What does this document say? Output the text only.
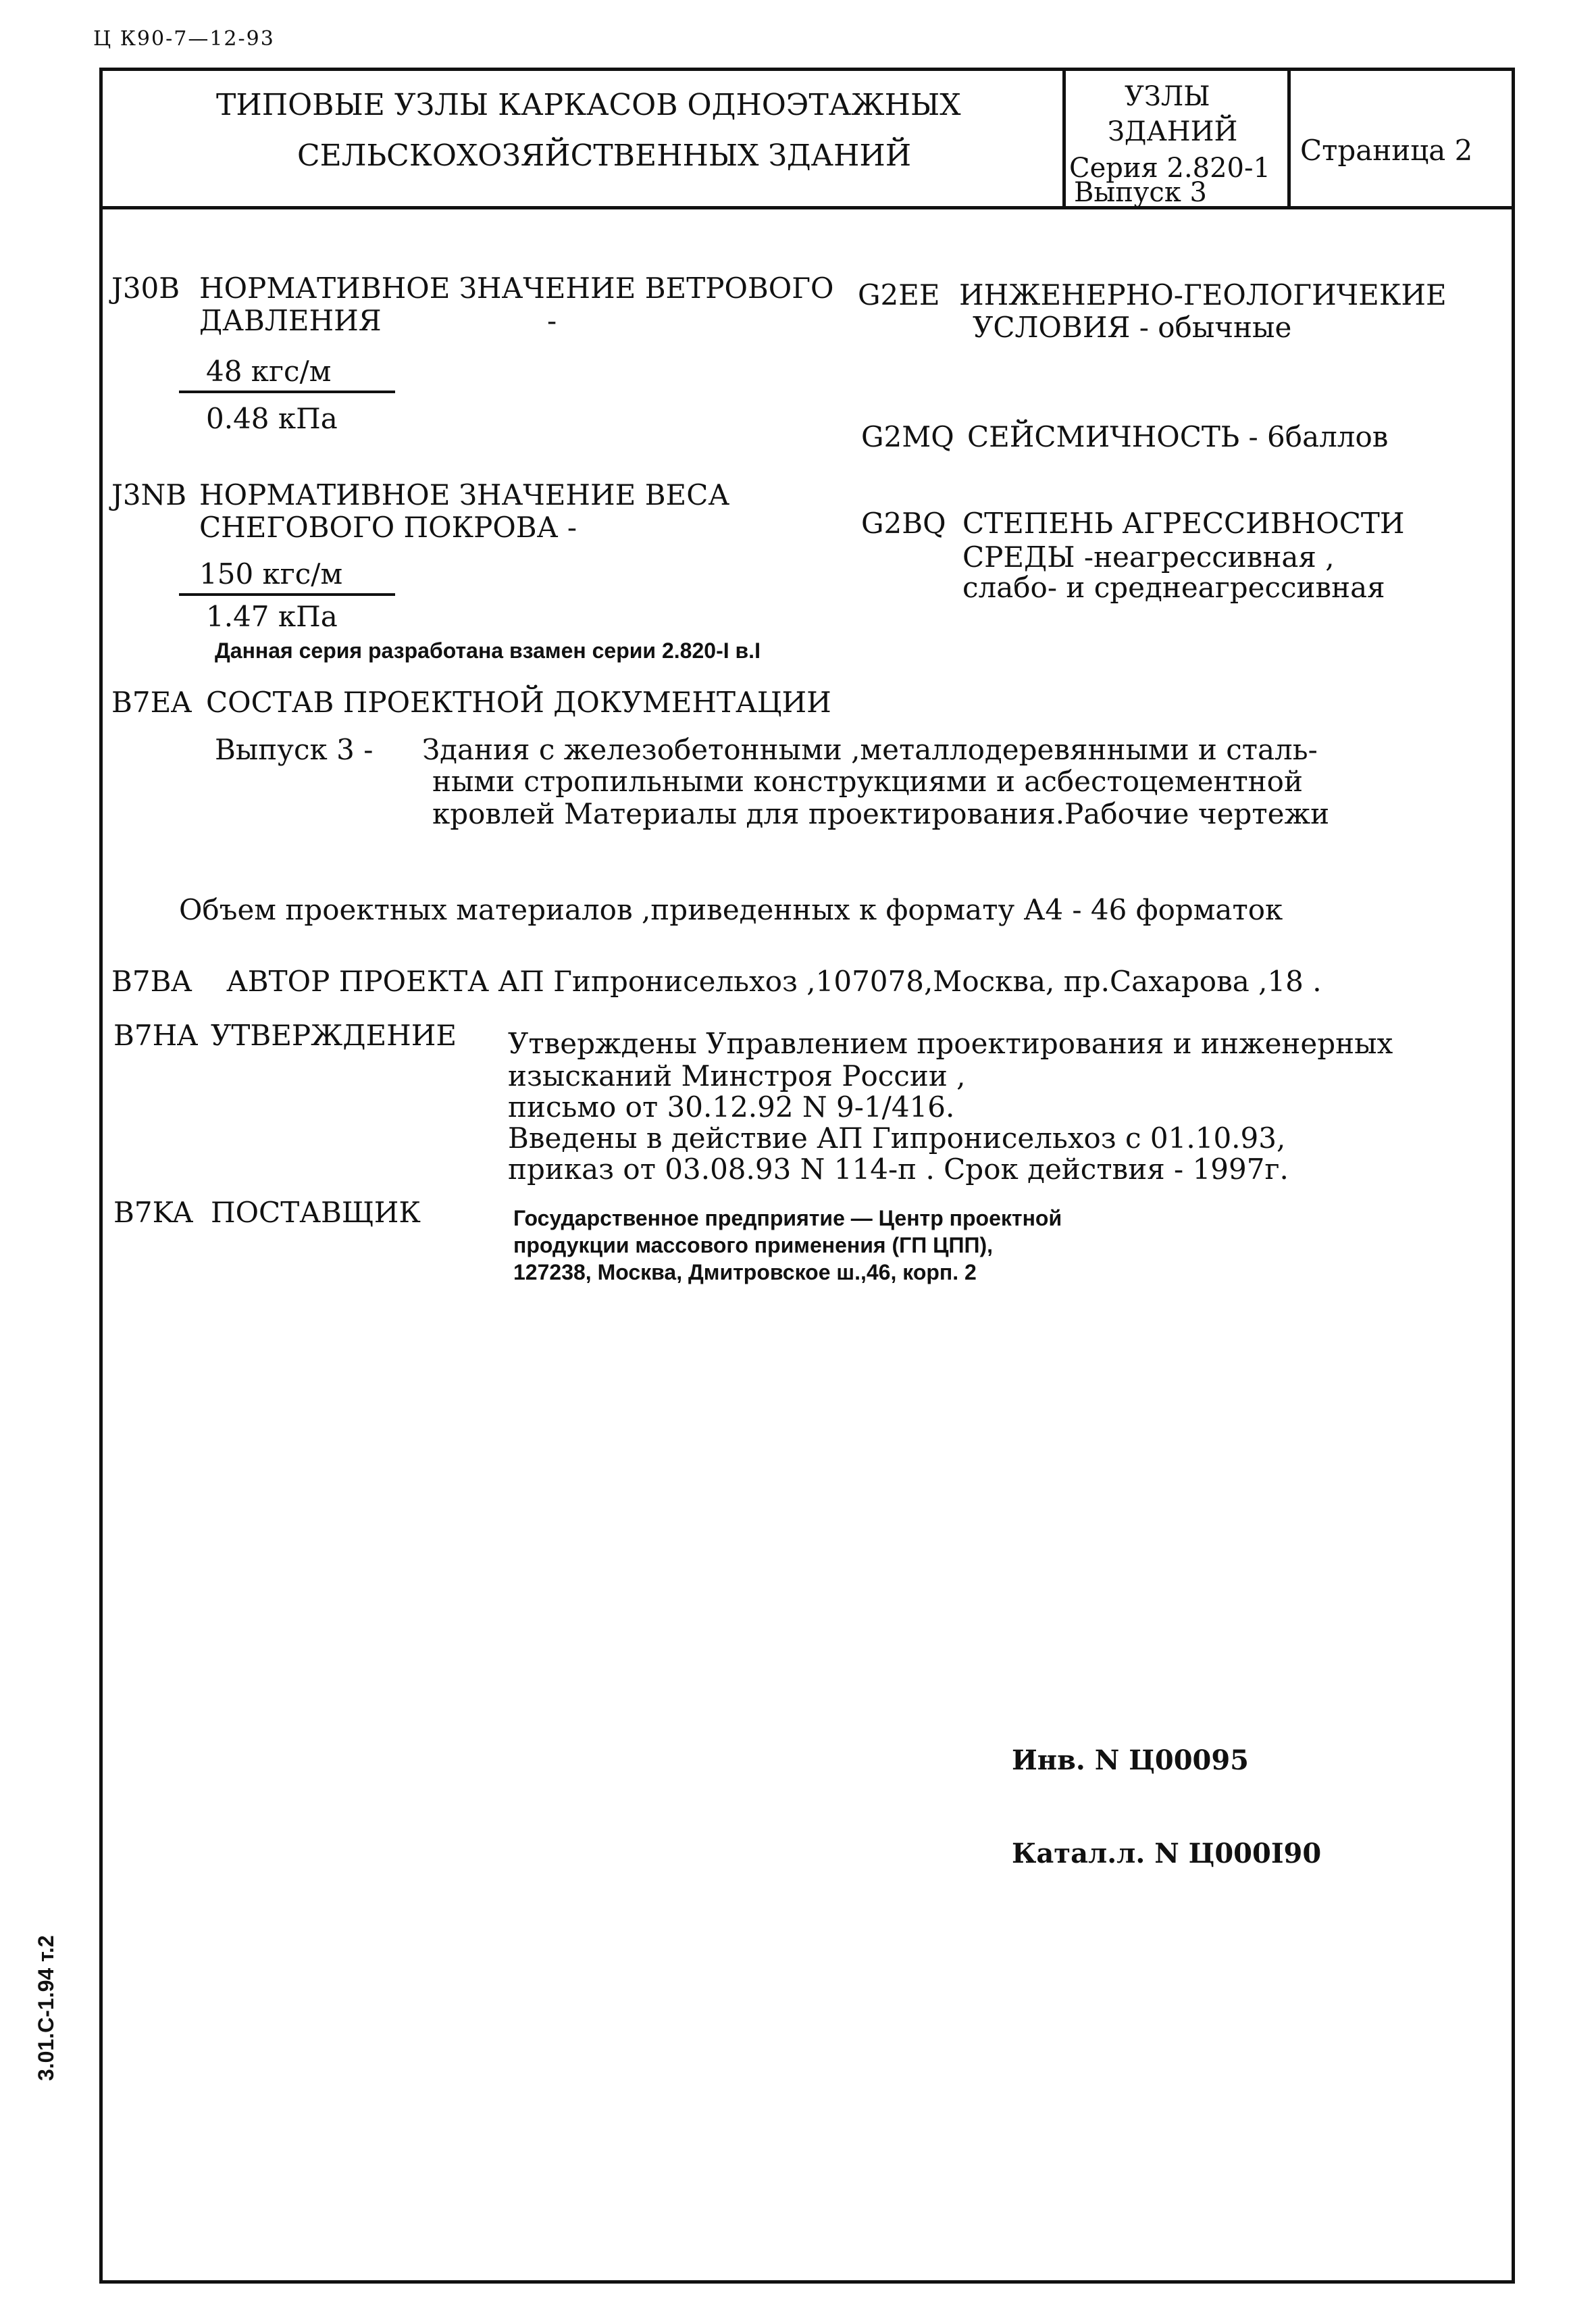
Ц К90-7—12-93
ТИПОВЫЕ УЗЛЫ КАРКАСОВ ОДНОЭТАЖНЫХ
СЕЛЬСКОХОЗЯЙСТВЕННЫХ ЗДАНИЙ
УЗЛЫ
ЗДАНИЙ
Серия 2.820-1
Выпуск 3
Страница 2
J30B НОРМАТИВНОЕ ЗНАЧЕНИЕ ВЕТРОВОГО
ДАВЛЕНИЯ	-
48 кгс/м
0.48 кПа
J3NB НОРМАТИВНОЕ ЗНАЧЕНИЕ ВЕСА
СНЕГОВОГО ПОКРОВА -
150 кгс/м
1.47 кПа
Данная серия разработана взамен серии 2.820-I в.I
G2EE ИНЖЕНЕРНО-ГЕОЛОГИЧЕКИЕ
УСЛОВИЯ - обычные
G2MQ СЕЙСМИЧНОСТЬ - 6баллов
G2BQ СТЕПЕНЬ АГРЕССИВНОСТИ
СРЕДЫ -неагрессивная ,
слабо- и среднеагрессивная
B7EA СОСТАВ ПРОЕКТНОЙ ДОКУМЕНТАЦИИ
Выпуск 3 - Здания с железобетонными ,металлодеревянными и сталь-
ными стропильными конструкциями и асбестоцементной
кровлей Материалы для проектирования.Рабочие чертежи
Объем проектных материалов ,приведенных к формату А4 - 46 форматок
B7BA АВТОР ПРОЕКТА АП Гипронисельхоз ,107078,Москва, пр.Сахарова ,18 .
B7HA УТВЕРЖДЕНИЕ Утверждены Управлением проектирования и инженерных
изысканий Минстроя России ,
письмо от 30.12.92 N 9-1/416.
Введены в действие АП Гипронисельхоз с 01.10.93,
приказ от 03.08.93 N 114-п . Срок действия - 1997г.
B7KA ПОСТАВЩИК	Государственное предприятие — Центр проектной
продукции массового применения (ГП ЦПП),
127238, Москва, Дмитровское ш.,46, корп. 2
Инв. N Ц00095
Катал.л. N Ц000I90
3.01.С-1.94 т.2
